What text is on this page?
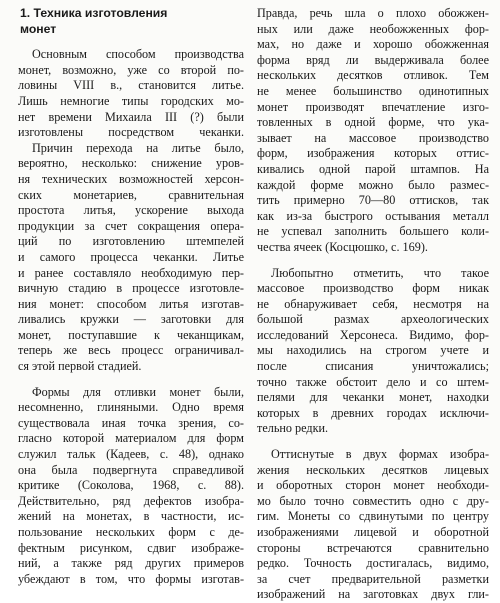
1. Техника изготовления
монет
Основным способом производства
монет, возможно, уже со второй по-
ловины VIII в., становится литье.
Лишь немногие типы городских мо-
нет времени Михаила III (?) были
изготовлены посредством чеканки.
Причин перехода на литье было,
вероятно, несколько: снижение уров-
ня технических возможностей херсон-
ских монетариев, сравнительная
простота литья, ускорение выхода
продукции за счет сокращения опера-
ций по изготовлению штемпелей
и самого процесса чеканки. Литье
и ранее составляло необходимую пер-
вичную стадию в процессе изготовле-
ния монет: способом литья изготав-
ливались кружки — заготовки для
монет, поступавшие к чеканщикам,
теперь же весь процесс ограничивал-
ся этой первой стадией.
Формы для отливки монет были,
несомненно, глиняными. Одно время
существовала иная точка зрения, со-
гласно которой материалом для форм
служил тальк (Кадеев, с. 48), однако
она была подвергнута справедливой
критике (Соколова, 1968, с. 88).
Действительно, ряд дефектов изобра-
жений на монетах, в частности, ис-
пользование нескольких форм с де-
фектным рисунком, сдвиг изображе-
ний, а также ряд других примеров
убеждают в том, что формы изготав-
Правда, речь шла о плохо обожжен-
ных или даже необожженных фор-
мах, но даже и хорошо обожженная
форма вряд ли выдерживала более
нескольких десятков отливок. Тем
не менее большинство одинотипных
монет производят впечатление изго-
товленных в одной форме, что ука-
зывает на массовое производство
форм, изображения которых оттис-
кивались одной парой штампов. На
каждой форме можно было размес-
тить примерно 70—80 оттисков, так
как из-за быстрого остывания металл
не успевал заполнить большего коли-
чества ячеек (Косцюшко, с. 169).
Любопытно отметить, что такое
массовое производство форм никак
не обнаруживает себя, несмотря на
большой размах археологических
исследований Херсонеса. Видимо, фор-
мы находились на строгом учете и
после списания уничтожались;
точно также обстоит дело и со штем-
пелями для чеканки монет, находки
которых в древних городах исключи-
тельно редки.
Оттиснутые в двух формах изобра-
жения нескольких десятков лицевых
и оборотных сторон монет необходи-
мо было точно совместить одно с дру-
гим. Монеты со сдвинутыми по центру
изображениями лицевой и оборотной
стороны встречаются сравнительно
редко. Точность достигалась, видимо,
за счет предварительной разметки
изображений на заготовках двух гли-
